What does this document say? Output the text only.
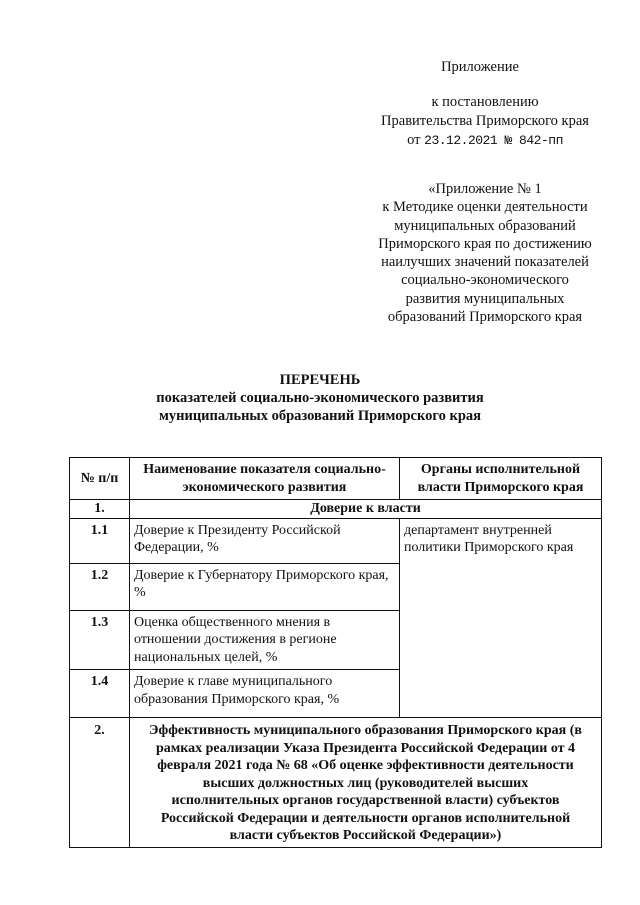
Приложение
к постановлению
Правительства Приморского края
от 23.12.2021 № 842-пп
«Приложение № 1
к Методике оценки деятельности
муниципальных образований
Приморского края по достижению
наилучших значений показателей
социально-экономического
развития муниципальных
образований Приморского края
ПЕРЕЧЕНЬ
показателей социально-экономического развития
муниципальных образований Приморского края
№ п/п	Наименование показателя социально-экономического развития	Органы исполнительной власти Приморского края
1.	Доверие к власти	
1.1	Доверие к Президенту Российской Федерации, %	департамент внутренней политики Приморского края
1.2	Доверие к Губернатору Приморского края, %	
1.3	Оценка общественного мнения в отношении достижения в регионе национальных целей, %	
1.4	Доверие к главе муниципального образования Приморского края, %	
2.	Эффективность муниципального образования Приморского края (в рамках реализации Указа Президента Российской Федерации от 4 февраля 2021 года № 68 «Об оценке эффективности деятельности высших должностных лиц (руководителей высших исполнительных органов государственной власти) субъектов Российской Федерации и деятельности органов исполнительной власти субъектов Российской Федерации»)	
